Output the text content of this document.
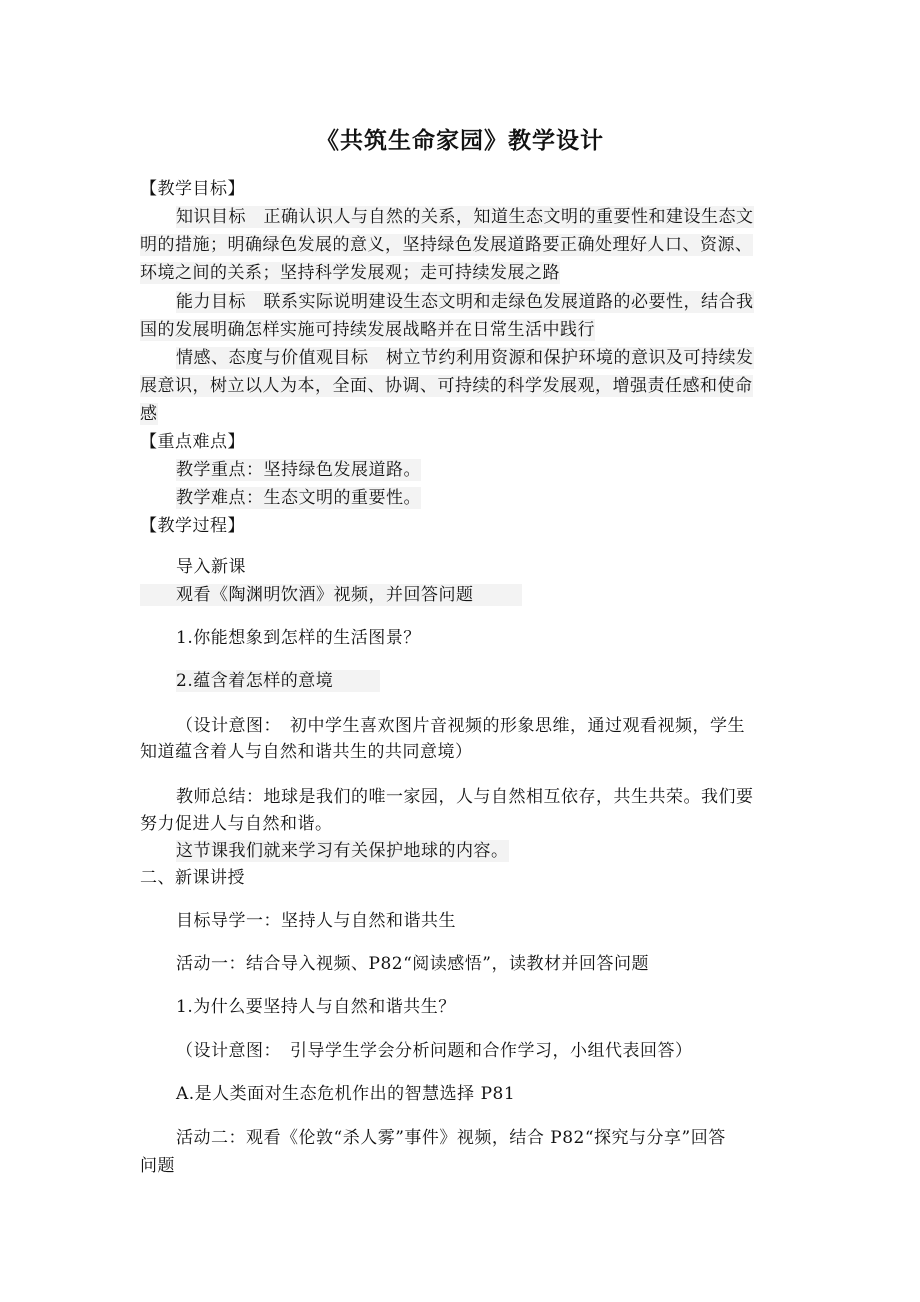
《共筑生命家园》教学设计
【教学目标】
知识目标　正确认识人与自然的关系，知道生态文明的重要性和建设生态文
明的措施；明确绿色发展的意义，坚持绿色发展道路要正确处理好人口、资源、
环境之间的关系；坚持科学发展观；走可持续发展之路
能力目标　联系实际说明建设生态文明和走绿色发展道路的必要性，结合我
国的发展明确怎样实施可持续发展战略并在日常生活中践行
情感、态度与价值观目标　树立节约利用资源和保护环境的意识及可持续发
展意识，树立以人为本，全面、协调、可持续的科学发展观，增强责任感和使命
感
【重点难点】
教学重点：坚持绿色发展道路。
教学难点：生态文明的重要性。
【教学过程】
导入新课
观看《陶渊明饮酒》视频，并回答问题
1.你能想象到怎样的生活图景？
2.蕴含着怎样的意境
（设计意图：　初中学生喜欢图片音视频的形象思维，通过观看视频，学生
知道蕴含着人与自然和谐共生的共同意境）
教师总结：地球是我们的唯一家园，人与自然相互依存，共生共荣。我们要
努力促进人与自然和谐。
这节课我们就来学习有关保护地球的内容。
二、新课讲授
目标导学一：坚持人与自然和谐共生
活动一：结合导入视频、P82“阅读感悟”，读教材并回答问题
1.为什么要坚持人与自然和谐共生？
（设计意图：　引导学生学会分析问题和合作学习，小组代表回答）
A.是人类面对生态危机作出的智慧选择 P81
活动二：观看《伦敦“杀人雾”事件》视频，结合 P82“探究与分享”回答
问题
